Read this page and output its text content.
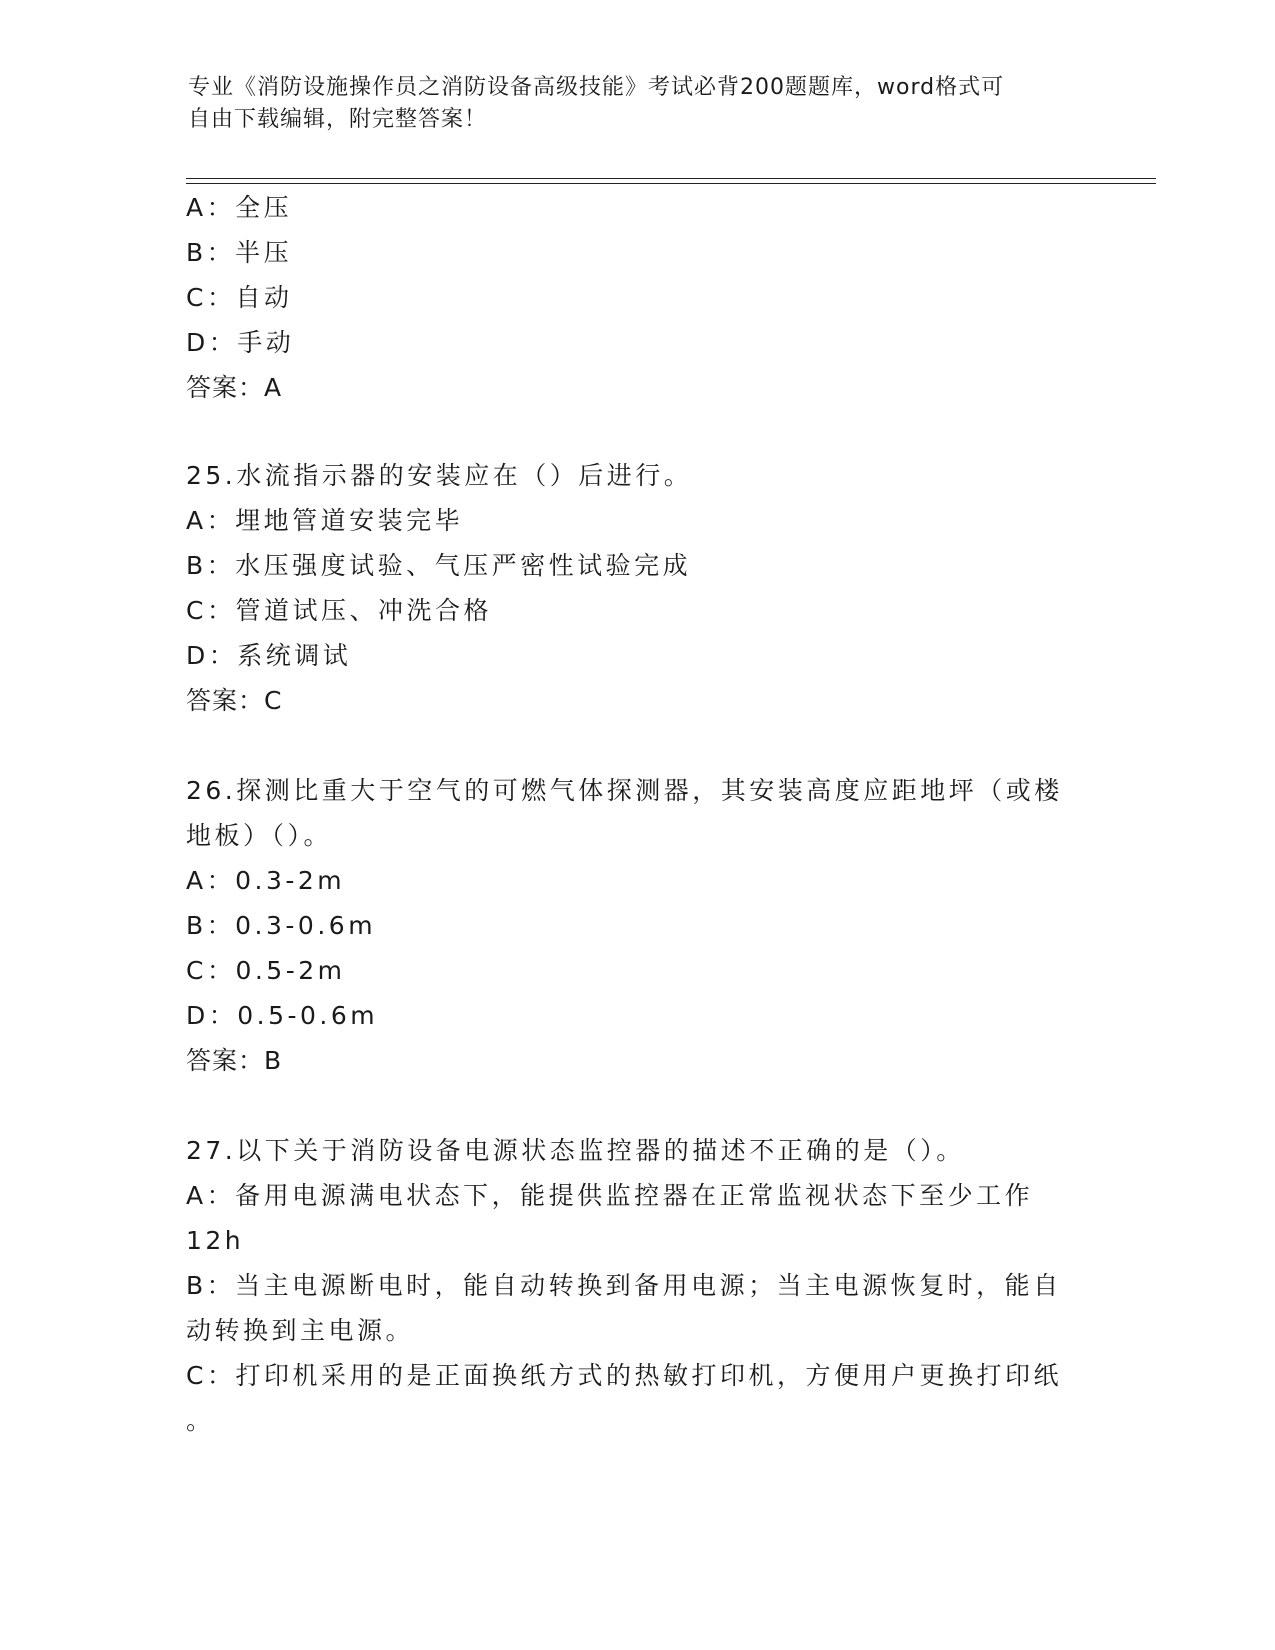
专业《消防设施操作员之消防设备高级技能》考试必背200题题库，word格式可
自由下载编辑，附完整答案！
A：全压
B：半压
C：自动
D：手动
答案：A
25.水流指示器的安装应在（）后进行。
A：埋地管道安装完毕
B：水压强度试验、气压严密性试验完成
C：管道试压、冲洗合格
D：系统调试
答案：C
26.探测比重大于空气的可燃气体探测器，其安装高度应距地坪（或楼
地板）（）。
A：0.3-2m
B：0.3-0.6m
C：0.5-2m
D：0.5-0.6m
答案：B
27.以下关于消防设备电源状态监控器的描述不正确的是（）。
A：备用电源满电状态下，能提供监控器在正常监视状态下至少工作
12h
B：当主电源断电时，能自动转换到备用电源；当主电源恢复时，能自
动转换到主电源。
C：打印机采用的是正面换纸方式的热敏打印机，方便用户更换打印纸
。
